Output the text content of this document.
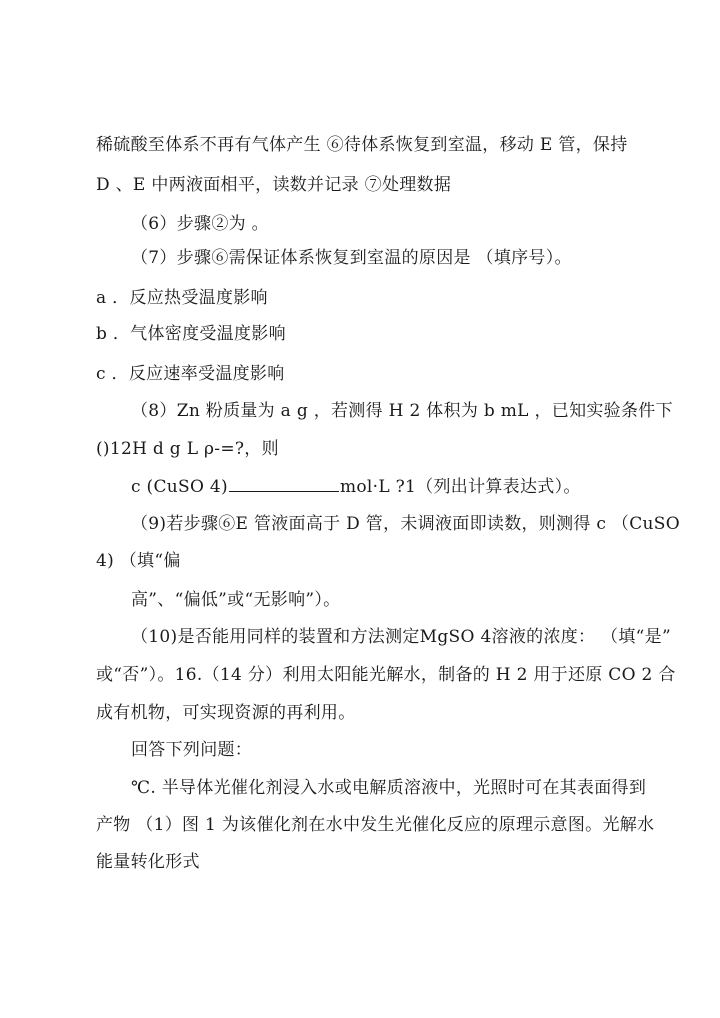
稀硫酸至体系不再有气体产生 ⑥待体系恢复到室温，移动 E 管，保持
D 、E 中两液面相平，读数并记录 ⑦处理数据
（6）步骤②为 。
（7）步骤⑥需保证体系恢复到室温的原因是 （填序号）。
a ．反应热受温度影响
b ．气体密度受温度影响
c ．反应速率受温度影响
（8）Zn 粉质量为 a g ，若测得 H 2 体积为 b mL ，已知实验条件下
()12H d g L ρ-=?，则
c (CuSO 4)	mol·L ?1（列出计算表达式）。
（9)若步骤⑥E 管液面高于 D 管，未调液面即读数，则测得 c （CuSO
4) （填“偏
高”、“偏低”或“无影响”）。
（10)是否能用同样的装置和方法测定MgSO 4溶液的浓度： （填“是”
或“否”）。16.（14 分）利用太阳能光解水，制备的 H 2 用于还原 CO 2 合
成有机物，可实现资源的再利用。
回答下列问题：
℃. 半导体光催化剂浸入水或电解质溶液中，光照时可在其表面得到
产物 （1）图 1 为该催化剂在水中发生光催化反应的原理示意图。光解水
能量转化形式
